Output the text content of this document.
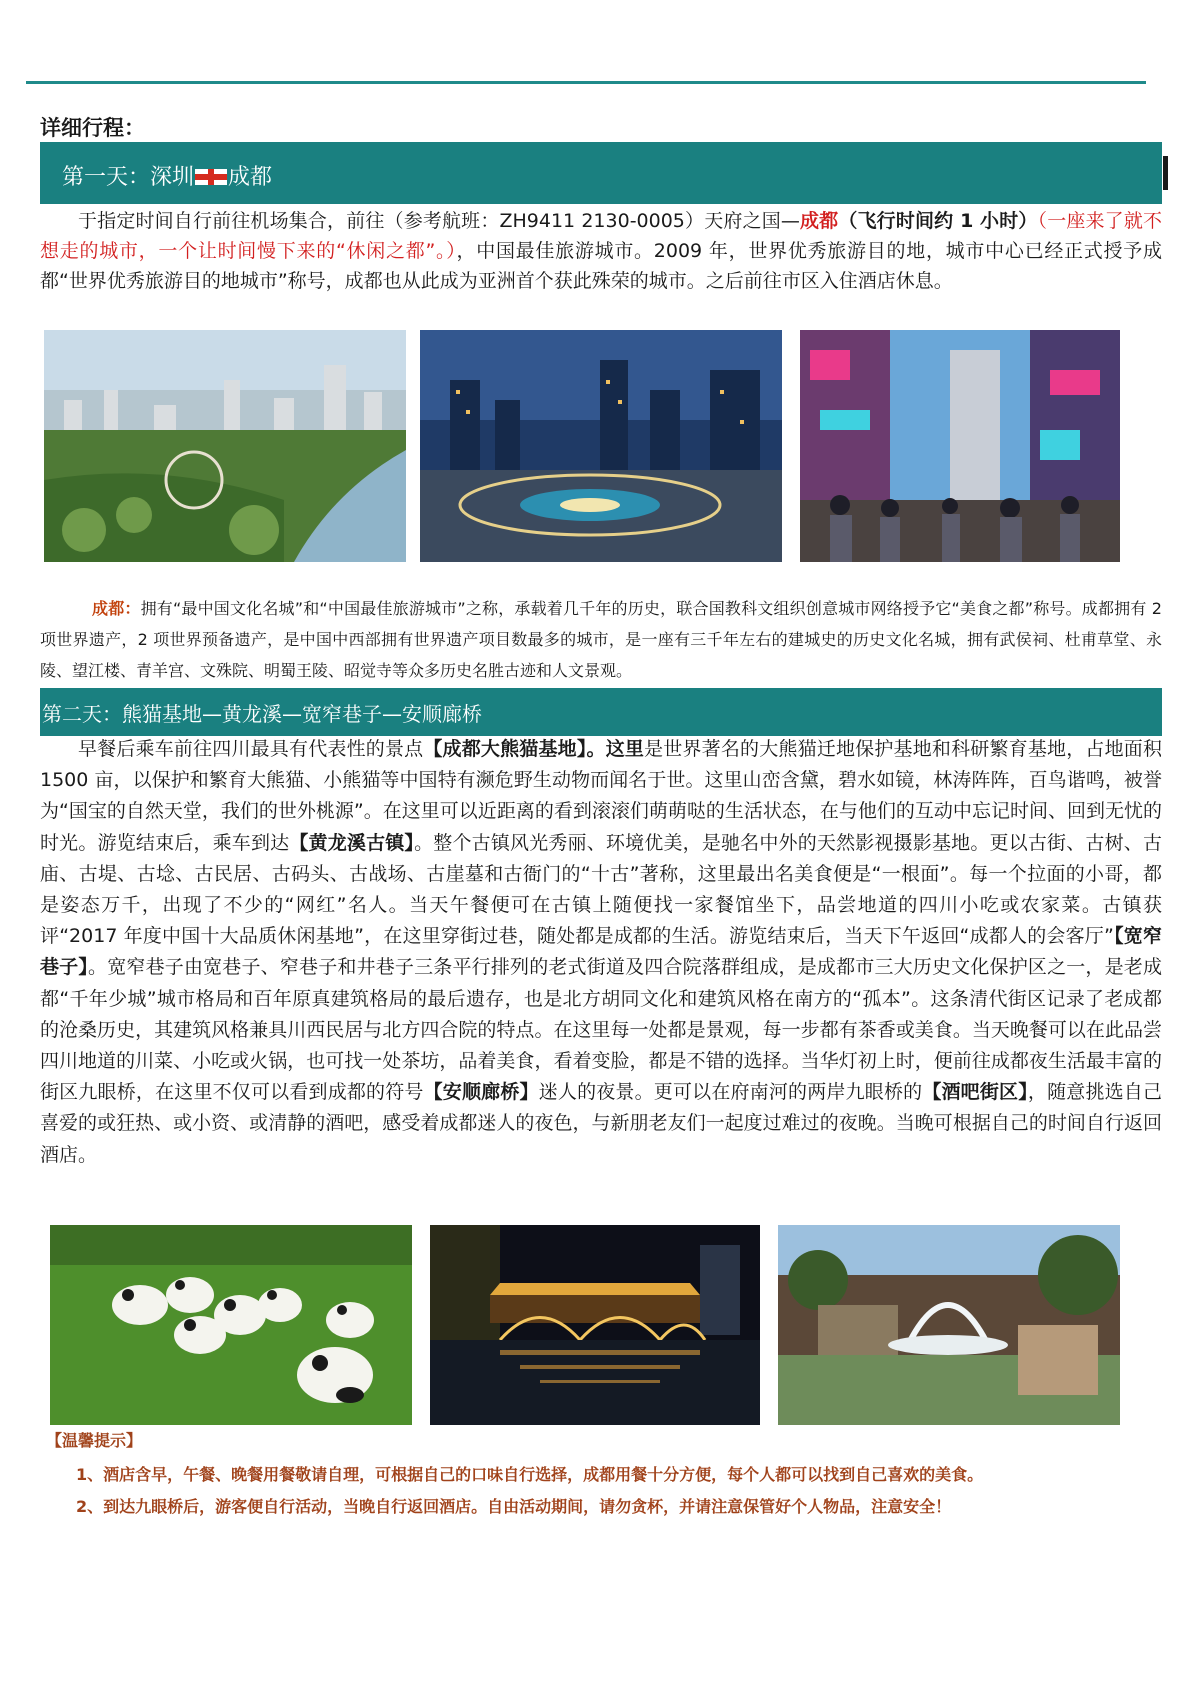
详细行程：
第一天：深圳 成都

于指定时间自行前往机场集合，前往（参考航班：ZH9411 2130-0005）天府之国—成都（飞行时间约 1 小时）（一座来了就不想走的城市，一个让时间慢下来的“休闲之都”。），中国最佳旅游城市。2009 年，世界优秀旅游目的地，城市中心已经正式授予成都“世界优秀旅游目的地城市”称号，成都也从此成为亚洲首个获此殊荣的城市。之后前往市区入住酒店休息。

成都：拥有“最中国文化名城”和“中国最佳旅游城市”之称，承载着几千年的历史，联合国教科文组织创意城市网络授予它“美食之都”称号。成都拥有 2 项世界遗产，2 项世界预备遗产，是中国中西部拥有世界遗产项目数最多的城市，是一座有三千年左右的建城史的历史文化名城，拥有武侯祠、杜甫草堂、永陵、望江楼、青羊宫、文殊院、明蜀王陵、昭觉寺等众多历史名胜古迹和人文景观。

第二天：熊猫基地—黄龙溪—宽窄巷子—安顺廊桥

早餐后乘车前往四川最具有代表性的景点【成都大熊猫基地】。这里是世界著名的大熊猫迁地保护基地和科研繁育基地，占地面积 1500 亩，以保护和繁育大熊猫、小熊猫等中国特有濒危野生动物而闻名于世。这里山峦含黛，碧水如镜，林涛阵阵，百鸟谐鸣，被誉为“国宝的自然天堂，我们的世外桃源”。在这里可以近距离的看到滚滚们萌萌哒的生活状态，在与他们的互动中忘记时间、回到无忧的时光。游览结束后，乘车到达【黄龙溪古镇】。整个古镇风光秀丽、环境优美，是驰名中外的天然影视摄影基地。更以古街、古树、古庙、古堤、古埝、古民居、古码头、古战场、古崖墓和古衙门的“十古”著称，这里最出名美食便是“一根面”。每一个拉面的小哥，都是姿态万千，出现了不少的“网红”名人。当天午餐便可在古镇上随便找一家餐馆坐下，品尝地道的四川小吃或农家菜。古镇获评“2017 年度中国十大品质休闲基地”，在这里穿街过巷，随处都是成都的生活。游览结束后，当天下午返回“成都人的会客厅”【宽窄巷子】。宽窄巷子由宽巷子、窄巷子和井巷子三条平行排列的老式街道及四合院落群组成，是成都市三大历史文化保护区之一，是老成都“千年少城”城市格局和百年原真建筑格局的最后遗存，也是北方胡同文化和建筑风格在南方的“孤本”。这条清代街区记录了老成都的沧桑历史，其建筑风格兼具川西民居与北方四合院的特点。在这里每一处都是景观，每一步都有茶香或美食。当天晚餐可以在此品尝四川地道的川菜、小吃或火锅，也可找一处茶坊，品着美食，看着变脸，都是不错的选择。当华灯初上时，便前往成都夜生活最丰富的街区九眼桥，在这里不仅可以看到成都的符号【安顺廊桥】迷人的夜景。更可以在府南河的两岸九眼桥的【酒吧街区】，随意挑选自己喜爱的或狂热、或小资、或清静的酒吧，感受着成都迷人的夜色，与新朋老友们一起度过难过的夜晚。当晚可根据自己的时间自行返回酒店。

【温馨提示】
1、酒店含早，午餐、晚餐用餐敬请自理，可根据自己的口味自行选择，成都用餐十分方便，每个人都可以找到自己喜欢的美食。
2、到达九眼桥后，游客便自行活动，当晚自行返回酒店。自由活动期间，请勿贪杯，并请注意保管好个人物品，注意安全！
